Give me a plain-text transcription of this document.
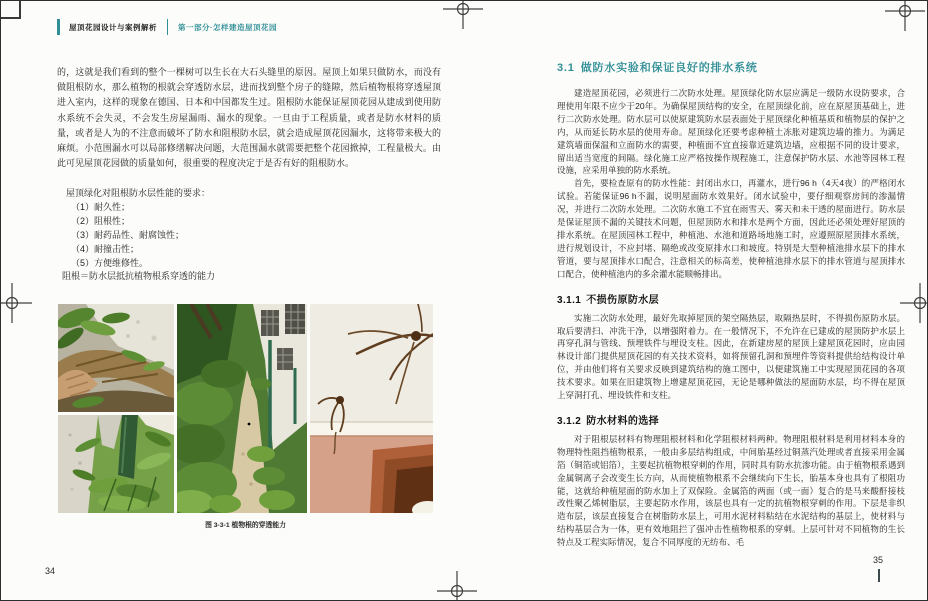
屋顶花园设计与案例解析	第一部分·怎样建造屋顶花园

的，这就是我们看到的整个一棵树可以生长在大石头缝里的原因。屋顶上如果只做防水，而没有做阻根防水，那么植物的根就会穿透防水层，进而找到整个房子的缝隙，然后植物根将穿透屋顶进入室内，这样的现象在德国、日本和中国都发生过。阻根防水能保证屋顶花园从建成到使用防水系统不会失灵，不会发生房屋漏雨、漏水的现象。一旦由于工程质量，或者是防水材料的质量，或者是人为的不注意而破坏了防水和阻根防水层，就会造成屋顶花园漏水，这将带来极大的麻烦。小范围漏水可以局部修缮解决问题，大范围漏水就需要把整个花园掀掉，工程量极大。由此可见屋顶花园做的质量如何，很重要的程度决定于是否有好的阻根防水。

屋顶绿化对阻根防水层性能的要求：
（1）耐久性；
（2）阻根性；
（3）耐药品性、耐腐蚀性；
（4）耐撞击性；
（5）方便维修性。
阻根＝防水层抵抗植物根系穿透的能力
图 3-3-1 植物根的穿透能力
34
3.1 做防水实验和保证良好的排水系统

建造屋顶花园，必须进行二次防水处理。屋顶绿化防水层应满足一级防水设防要求，合理使用年限不应少于20年。为确保屋顶结构的安全，在屋顶绿化前，应在原屋顶基础上，进行二次防水处理。防水层可以使原建筑防水层表面处于屋顶绿化种植基质和植物层的保护之内，从而延长防水层的使用寿命。屋顶绿化还要考虑种植土冻胀对建筑边墙的推力。为满足建筑墙面保温和立面防水的需要，种植面不宜直接靠近建筑边墙，应根据不同的设计要求，留出适当宽度的间隔。绿化施工应严格按操作规程施工，注意保护防水层、水池等园林工程设施，应采用单独的防水系统。

首先，要检查原有的防水性能：封闭出水口，再灌水，进行96 h（4天4夜）的严格闭水试验。若能保证96 h不漏，说明屋面防水效果好。闭水试验中，要仔细观察房间的渗漏情况，并进行二次防水处理。二次防水施工不宜在雨雪天、雾天和未干透的屋面进行。防水层是保证屋顶不漏的关键技术问题，但屋顶防水和排水是两个方面，因此还必须处理好屋顶的排水系统。在屋顶园林工程中，种植池、水池和道路场地施工时，应遵照原屋顶排水系统，进行规划设计，不应封堵、隔绝或改变原排水口和坡度。特别是大型种植池排水层下的排水管道，要与屋顶排水口配合，注意相关的标高差，使种植池排水层下的排水管道与屋顶排水口配合，使种植池内的多余灌水能顺畅排出。

3.1.1 不损伤原防水层

实施二次防水处理，最好先取掉屋顶的架空隔热层，取隔热层时，不得损伤原防水层。取后要清扫、冲洗干净，以增强附着力。在一般情况下，不允许在已建成的屋顶防护水层上再穿孔洞与管线、预埋铁件与埋设支柱。因此，在新建房屋的屋顶上建屋顶花园时，应由园林设计部门提供屋顶花园的有关技术资料，如将预留孔洞和预埋件等资料提供给结构设计单位，并由他们将有关要求反映到建筑结构的施工图中，以便建筑施工中实现屋顶花园的各项技术要求。如果在旧建筑物上增建屋顶花园，无论是哪种做法的屋面防水层，均不得在屋顶上穿洞打孔、埋设铁件和支柱。

3.1.2 防水材料的选择

对于阻根层材料有物理阻根材料和化学阻根材料两种。物理阻根材料是利用材料本身的物理特性阻挡植物根系，一般由多层结构组成，中间胎基经过铜蒸汽处理或者直接采用金属箔（铜箔或铝箔），主要起抗植物根穿刺的作用，同时具有防水抗渗功能。由于植物根系遇到金属铜离子会改变生长方向，从而使植物根系不会继续向下生长，胎基本身也具有了根阻功能，这就给种植屋面的防水加上了双保险。金属箔的两面（或一面）复合的是马来酸酐接枝改性聚乙烯树脂层，主要起防水作用，该层也具有一定的抗植物根穿刺的作用。下层是非织造布层，该层直接复合在树脂防水层上，可用水泥材料粘结在水泥结构的基层上，使材料与结构基层合为一体，更有效地阻拦了强冲击性植物根系的穿刺。上层可针对不同植物的生长特点及工程实际情况，复合不同厚度的无纺布、毛

35
